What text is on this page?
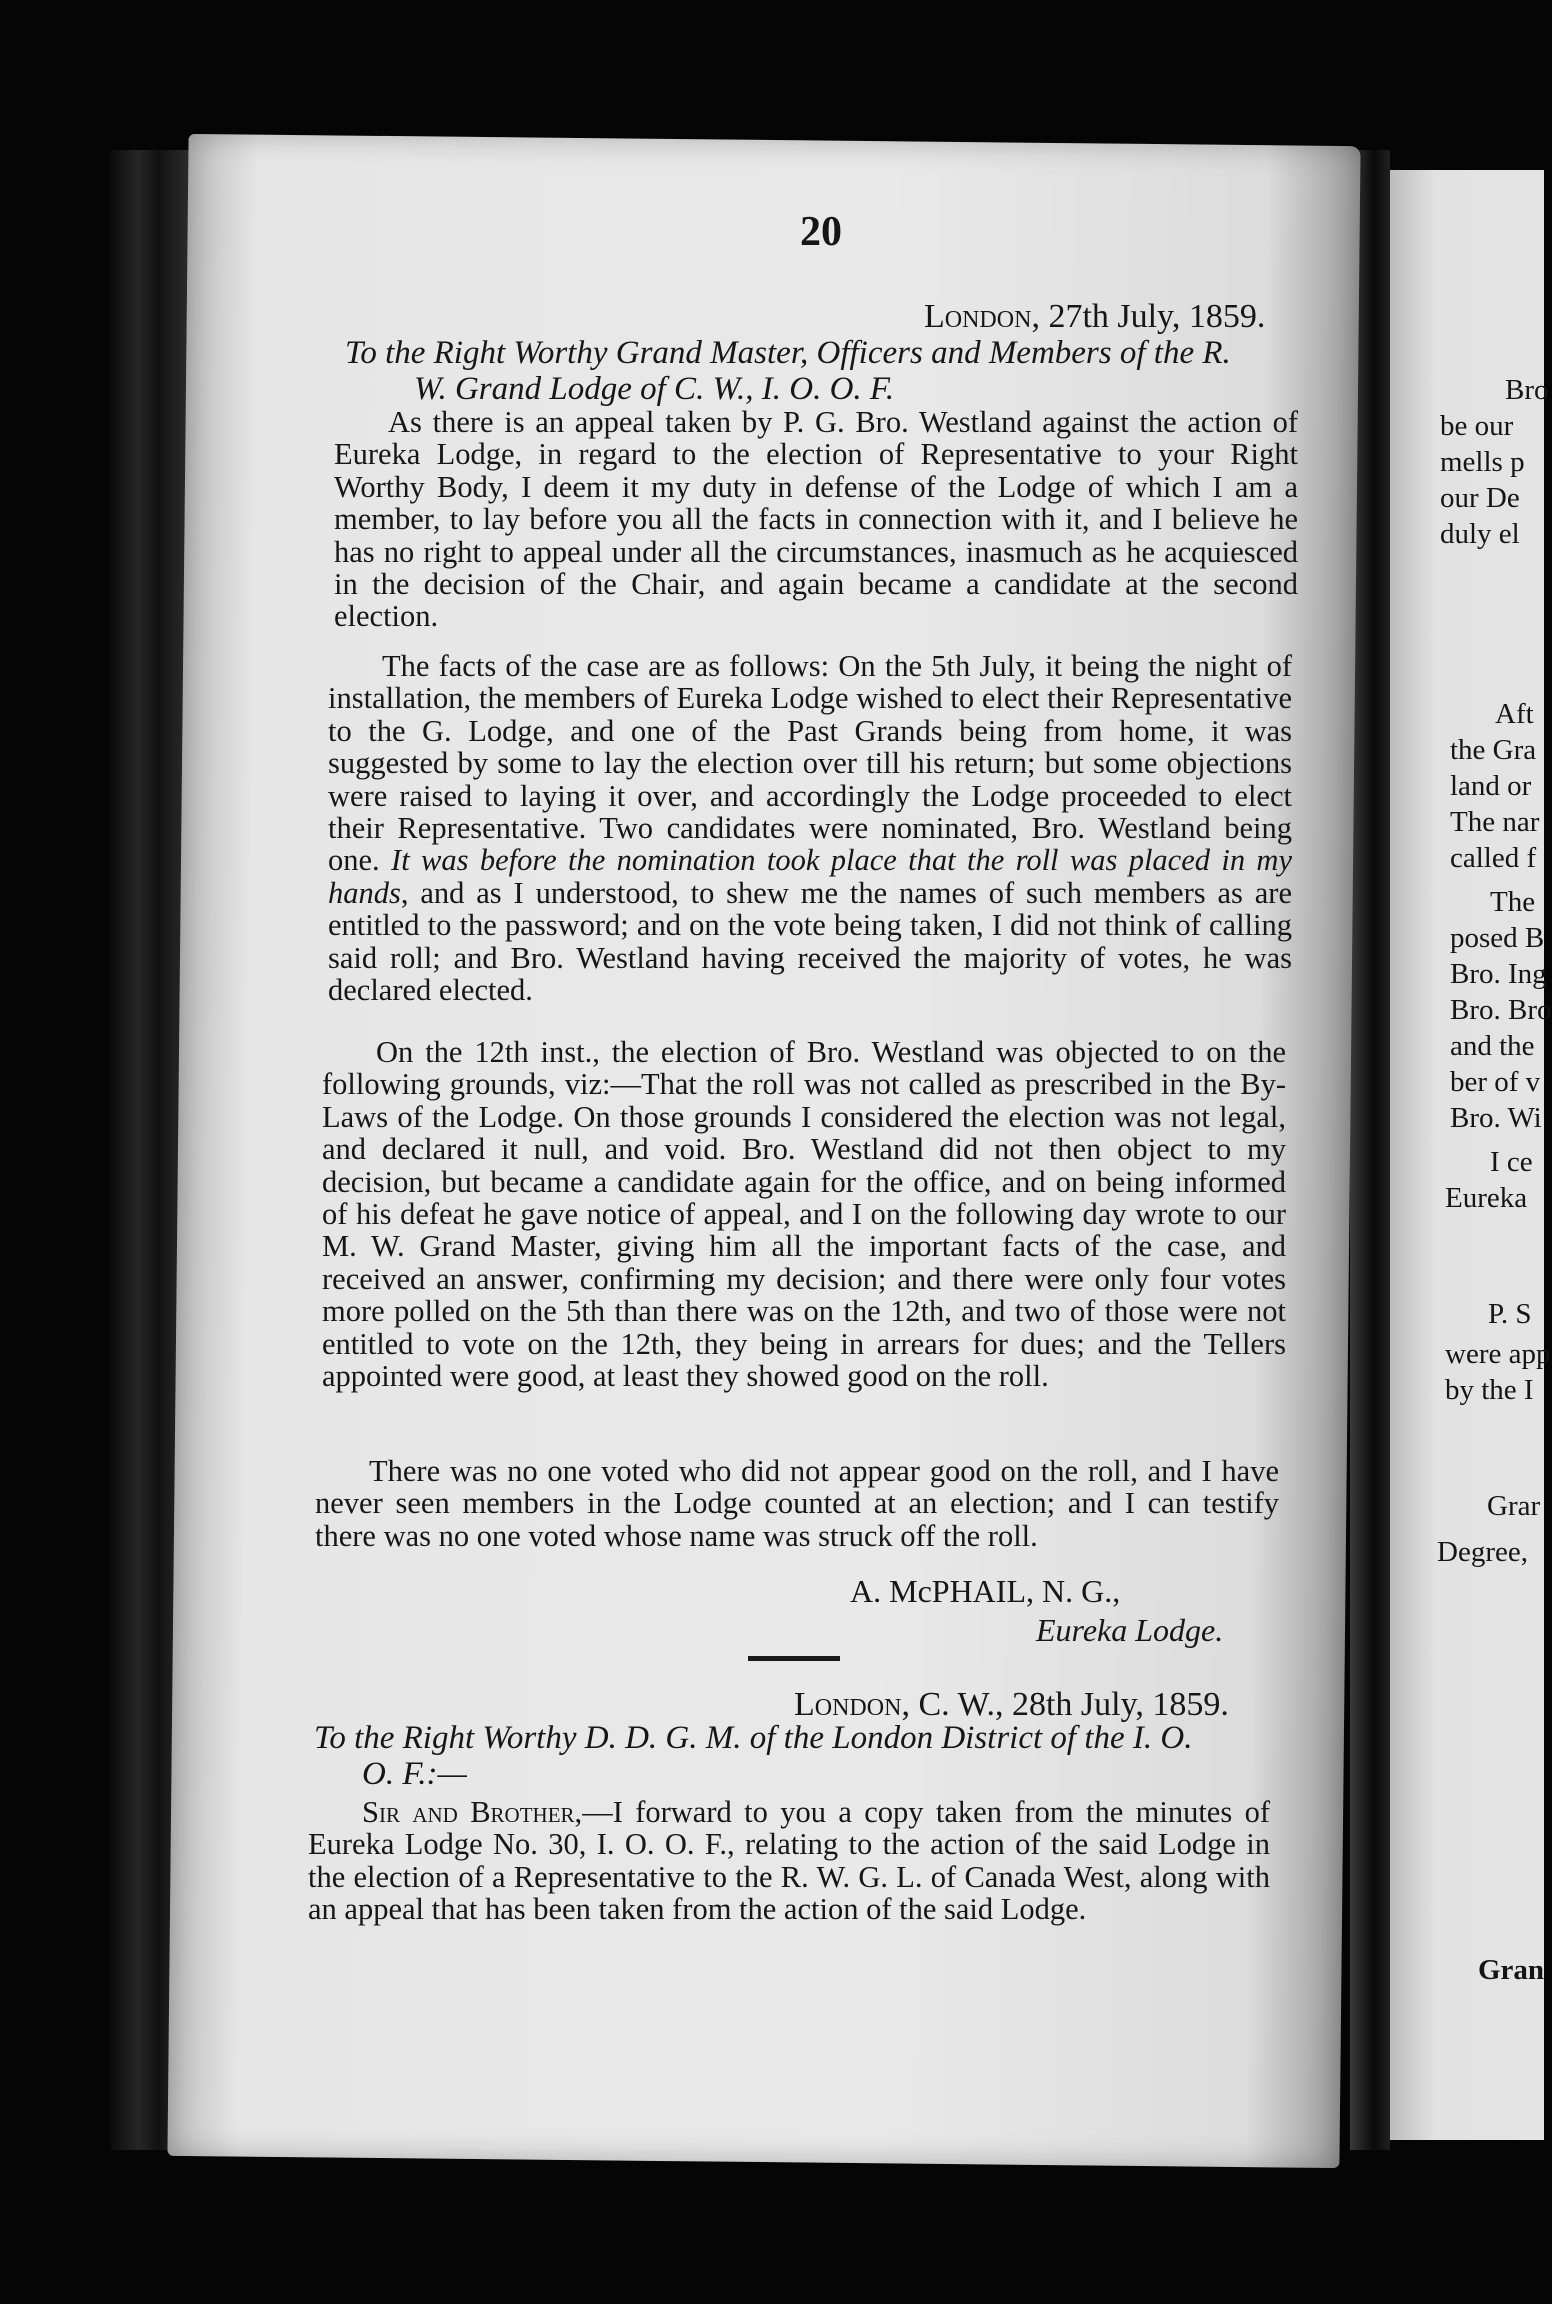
20
London, 27th July, 1859.
To the Right Worthy Grand Master, Officers and Members of the R.
W. Grand Lodge of C. W., I. O. O. F.
As there is an appeal taken by P. G. Bro. Westland against the action of Eureka Lodge, in regard to the election of Representative to your Right Worthy Body, I deem it my duty in defense of the Lodge of which I am a member, to lay before you all the facts in connection with it, and I believe he has no right to appeal under all the circumstances, inasmuch as he acquiesced in the decision of the Chair, and again became a candidate at the second election.
The facts of the case are as follows: On the 5th July, it being the night of installation, the members of Eureka Lodge wished to elect their Representative to the G. Lodge, and one of the Past Grands being from home, it was suggested by some to lay the election over till his return; but some objections were raised to laying it over, and accordingly the Lodge proceeded to elect their Representative. Two candidates were nominated, Bro. Westland being one. It was before the nomination took place that the roll was placed in my hands, and as I understood, to shew me the names of such members as are entitled to the password; and on the vote being taken, I did not think of calling said roll; and Bro. Westland having received the majority of votes, he was declared elected.
On the 12th inst., the election of Bro. Westland was objected to on the following grounds, viz:—That the roll was not called as prescribed in the By-Laws of the Lodge. On those grounds I considered the election was not legal, and declared it null, and void. Bro. Westland did not then object to my decision, but became a candidate again for the office, and on being informed of his defeat he gave notice of appeal, and I on the following day wrote to our M. W. Grand Master, giving him all the important facts of the case, and received an answer, confirming my decision; and there were only four votes more polled on the 5th than there was on the 12th, and two of those were not entitled to vote on the 12th, they being in arrears for dues; and the Tellers appointed were good, at least they showed good on the roll.
There was no one voted who did not appear good on the roll, and I have never seen members in the Lodge counted at an election; and I can testify there was no one voted whose name was struck off the roll.
A. McPHAIL, N. G.,
Eureka Lodge.
London, C. W., 28th July, 1859.
To the Right Worthy D. D. G. M. of the London District of the I. O.
O. F.:—
Sir and Brother,—I forward to you a copy taken from the minutes of Eureka Lodge No. 30, I. O. O. F., relating to the action of the said Lodge in the election of a Representative to the R. W. G. L. of Canada West, along with an appeal that has been taken from the action of the said Lodge.
Bro
be our
mells p
our De
duly el
Aft
the Gra
land or
The nar
called f
The
posed B
Bro. Ing
Bro. Bro
and the
ber of v
Bro. Wi
I ce
Eureka
P. S
were app
by the I
Grar
Degree,
Gran
